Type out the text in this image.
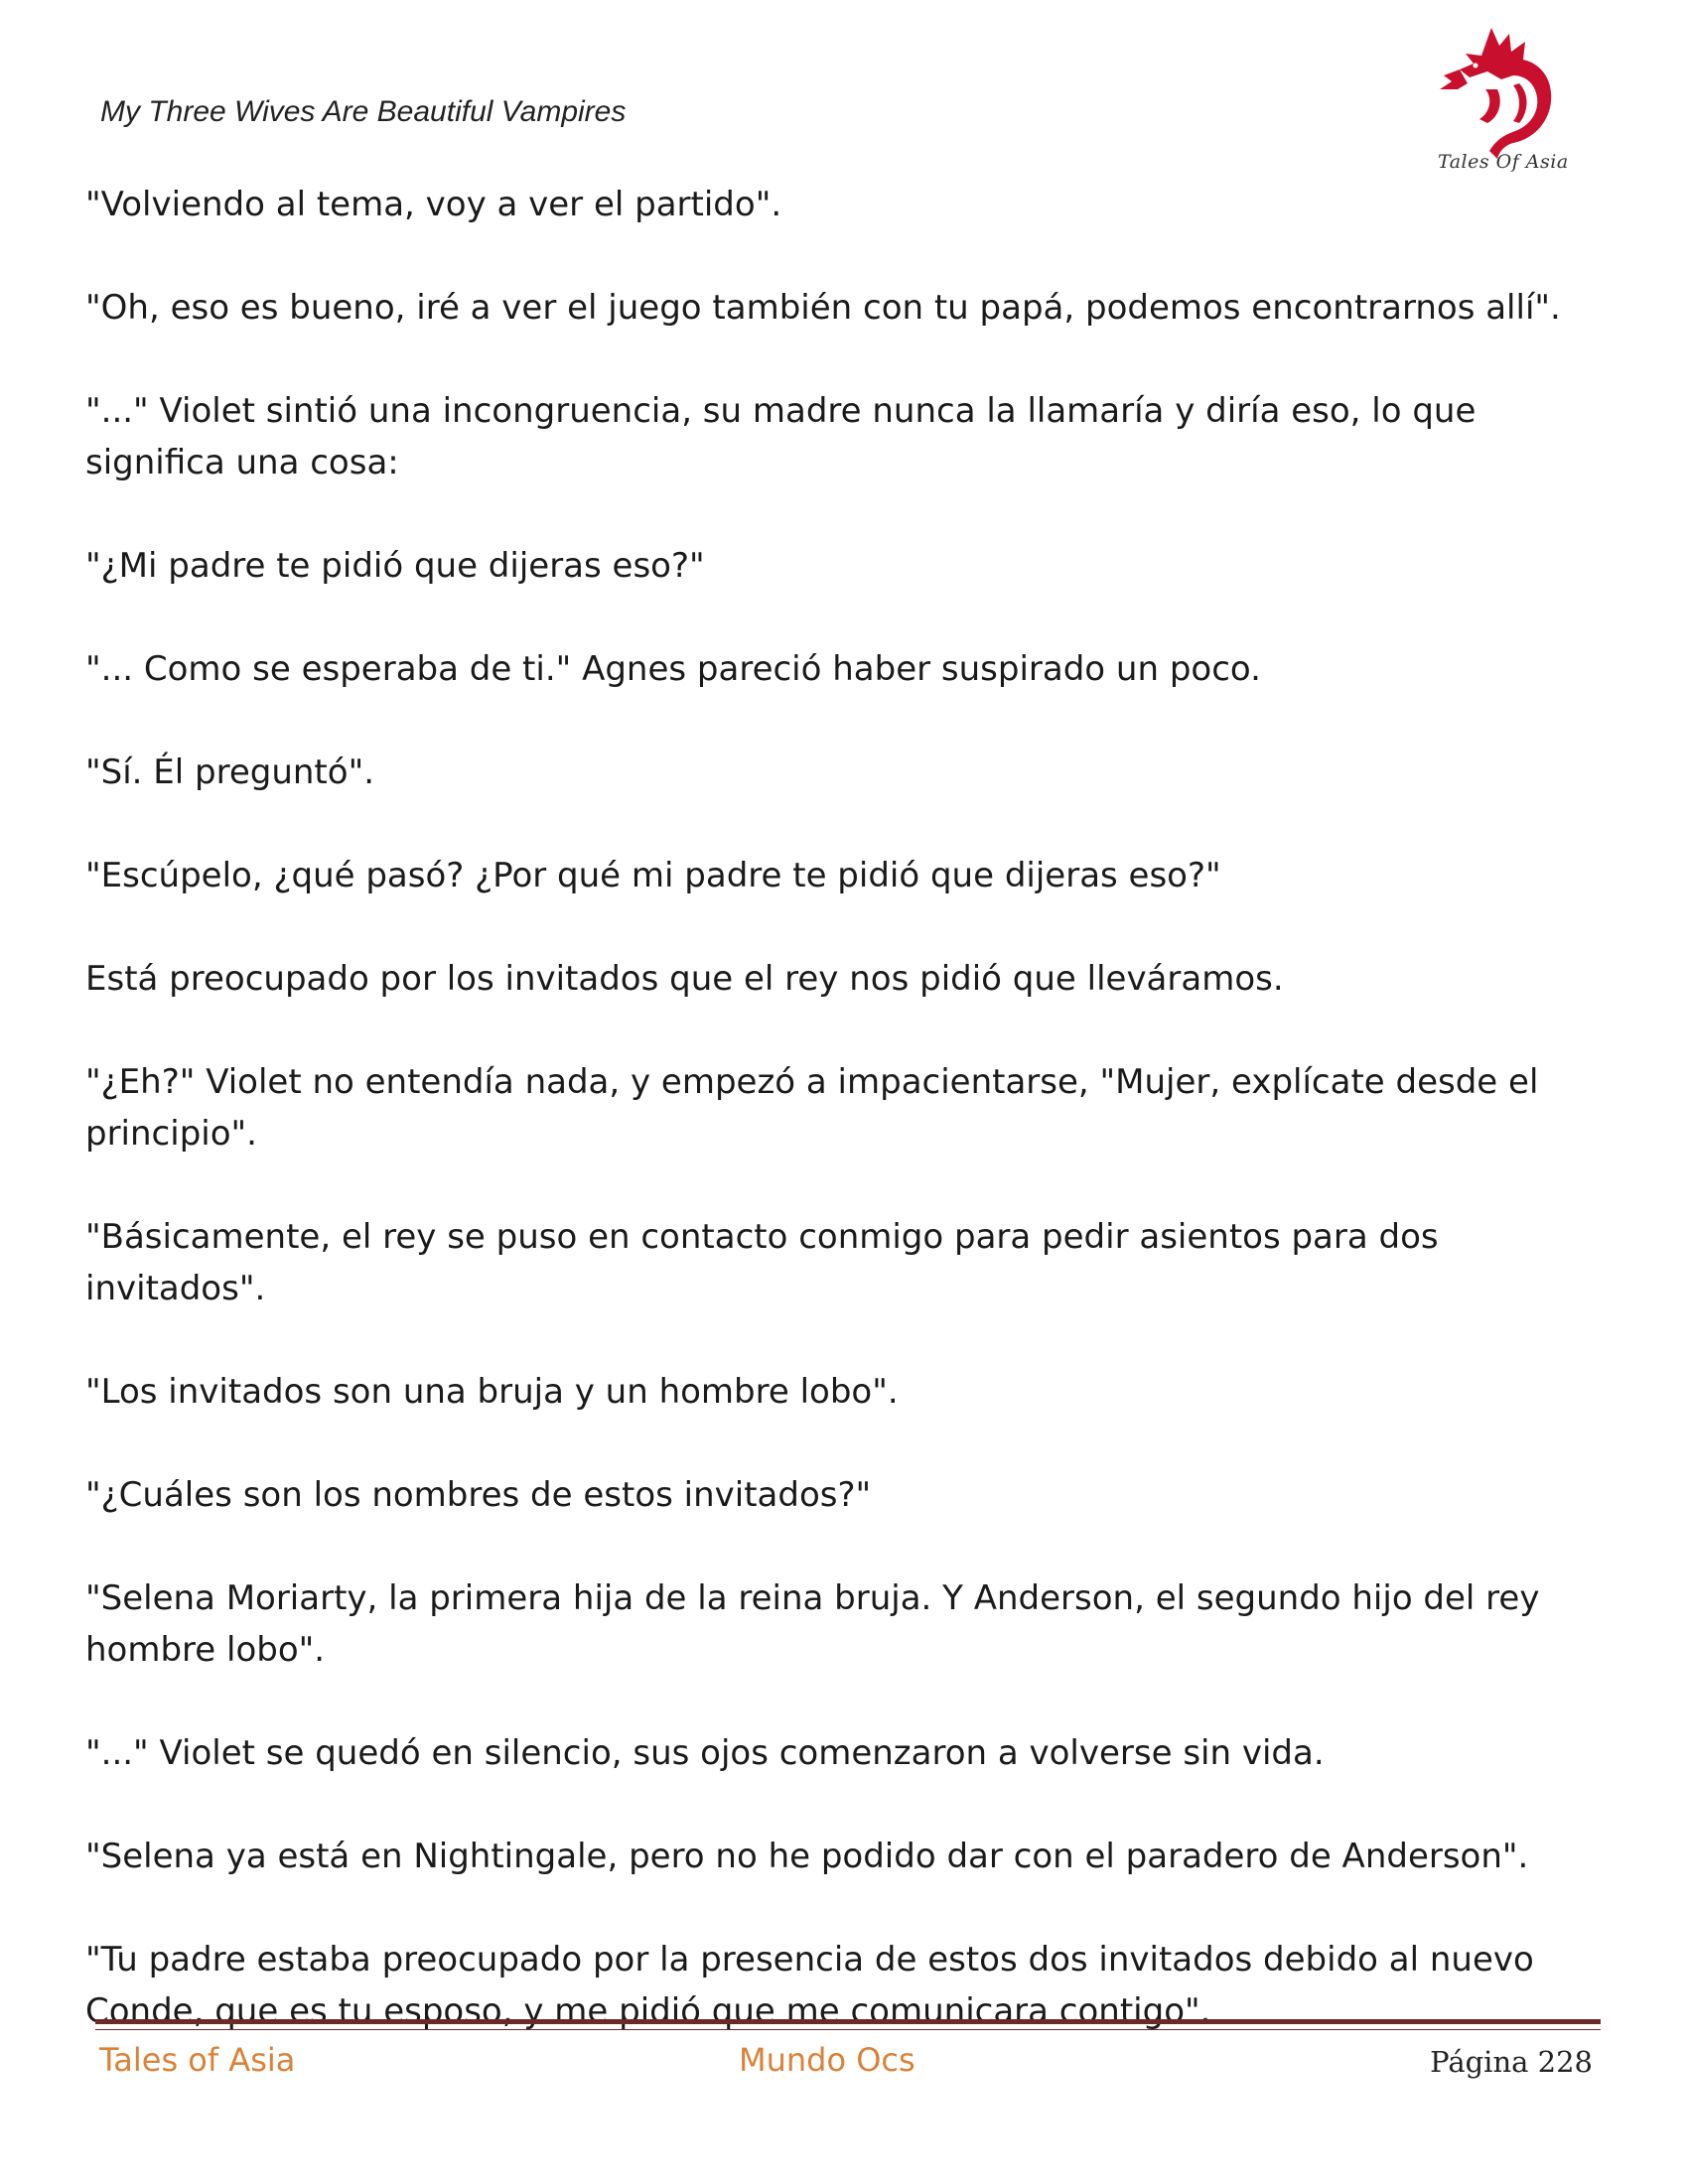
My Three Wives Are Beautiful Vampires
Tales Of Asia

"Volviendo al tema, voy a ver el partido".

"Oh, eso es bueno, iré a ver el juego también con tu papá, podemos encontrarnos allí".

"..." Violet sintió una incongruencia, su madre nunca la llamaría y diría eso, lo que significa una cosa:

"¿Mi padre te pidió que dijeras eso?"

"... Como se esperaba de ti." Agnes pareció haber suspirado un poco.

"Sí. Él preguntó".

"Escúpelo, ¿qué pasó? ¿Por qué mi padre te pidió que dijeras eso?"

Está preocupado por los invitados que el rey nos pidió que lleváramos.

"¿Eh?" Violet no entendía nada, y empezó a impacientarse, "Mujer, explícate desde el principio".

"Básicamente, el rey se puso en contacto conmigo para pedir asientos para dos invitados".

"Los invitados son una bruja y un hombre lobo".

"¿Cuáles son los nombres de estos invitados?"

"Selena Moriarty, la primera hija de la reina bruja. Y Anderson, el segundo hijo del rey hombre lobo".

"..." Violet se quedó en silencio, sus ojos comenzaron a volverse sin vida.

"Selena ya está en Nightingale, pero no he podido dar con el paradero de Anderson".

"Tu padre estaba preocupado por la presencia de estos dos invitados debido al nuevo
Conde, que es tu esposo, y me pidió que me comunicara contigo".

Tales of Asia	Mundo Ocs	Página 228
